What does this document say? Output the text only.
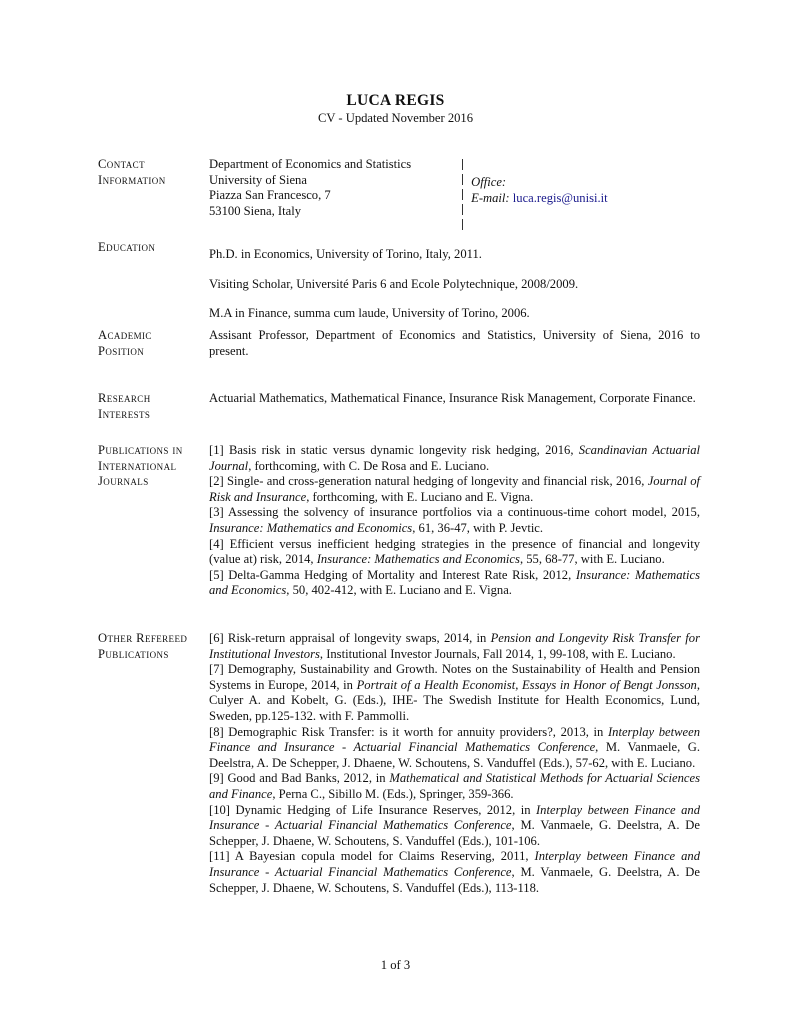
LUCA REGIS
CV - Updated November 2016
Contact
Information
Department of Economics and Statistics
University of Siena
Piazza San Francesco, 7
53100 Siena, Italy
Office:
E-mail: luca.regis@unisi.it
Education	Ph.D. in Economics, University of Torino, Italy, 2011.
Visiting Scholar, Université Paris 6 and Ecole Polytechnique, 2008/2009.
M.A in Finance, summa cum laude, University of Torino, 2006.
Academic
Position
Assisant Professor, Department of Economics and Statistics, University of Siena, 2016 to present.
Research
Interests
Actuarial Mathematics, Mathematical Finance, Insurance Risk Management, Corporate Finance.
Publications in
International
Journals
[1] Basis risk in static versus dynamic longevity risk hedging, 2016, Scandinavian Actuarial Journal, forthcoming, with C. De Rosa and E. Luciano.
[2] Single- and cross-generation natural hedging of longevity and financial risk, 2016, Journal of Risk and Insurance, forthcoming, with E. Luciano and E. Vigna.
[3] Assessing the solvency of insurance portfolios via a continuous-time cohort model, 2015, Insurance: Mathematics and Economics, 61, 36-47, with P. Jevtic.
[4] Efficient versus inefficient hedging strategies in the presence of financial and longevity (value at) risk, 2014, Insurance: Mathematics and Economics, 55, 68-77, with E. Luciano.
[5] Delta-Gamma Hedging of Mortality and Interest Rate Risk, 2012, Insurance: Mathematics and Economics, 50, 402-412, with E. Luciano and E. Vigna.
Other Refereed
Publications
[6] Risk-return appraisal of longevity swaps, 2014, in Pension and Longevity Risk Transfer for Institutional Investors, Institutional Investor Journals, Fall 2014, 1, 99-108, with E. Luciano.
[7] Demography, Sustainability and Growth. Notes on the Sustainability of Health and Pension Systems in Europe, 2014, in Portrait of a Health Economist, Essays in Honor of Bengt Jonsson, Culyer A. and Kobelt, G. (Eds.), IHE- The Swedish Institute for Health Economics, Lund, Sweden, pp.125-132. with F. Pammolli.
[8] Demographic Risk Transfer: is it worth for annuity providers?, 2013, in Interplay between Finance and Insurance - Actuarial Financial Mathematics Conference, M. Vanmaele, G. Deelstra, A. De Schepper, J. Dhaene, W. Schoutens, S. Vanduffel (Eds.), 57-62, with E. Luciano.
[9] Good and Bad Banks, 2012, in Mathematical and Statistical Methods for Actuarial Sciences and Finance, Perna C., Sibillo M. (Eds.), Springer, 359-366.
[10] Dynamic Hedging of Life Insurance Reserves, 2012, in Interplay between Finance and Insurance - Actuarial Financial Mathematics Conference, M. Vanmaele, G. Deelstra, A. De Schepper, J. Dhaene, W. Schoutens, S. Vanduffel (Eds.), 101-106.
[11] A Bayesian copula model for Claims Reserving, 2011, Interplay between Finance and Insurance - Actuarial Financial Mathematics Conference, M. Vanmaele, G. Deelstra, A. De Schepper, J. Dhaene, W. Schoutens, S. Vanduffel (Eds.), 113-118.
1 of 3
